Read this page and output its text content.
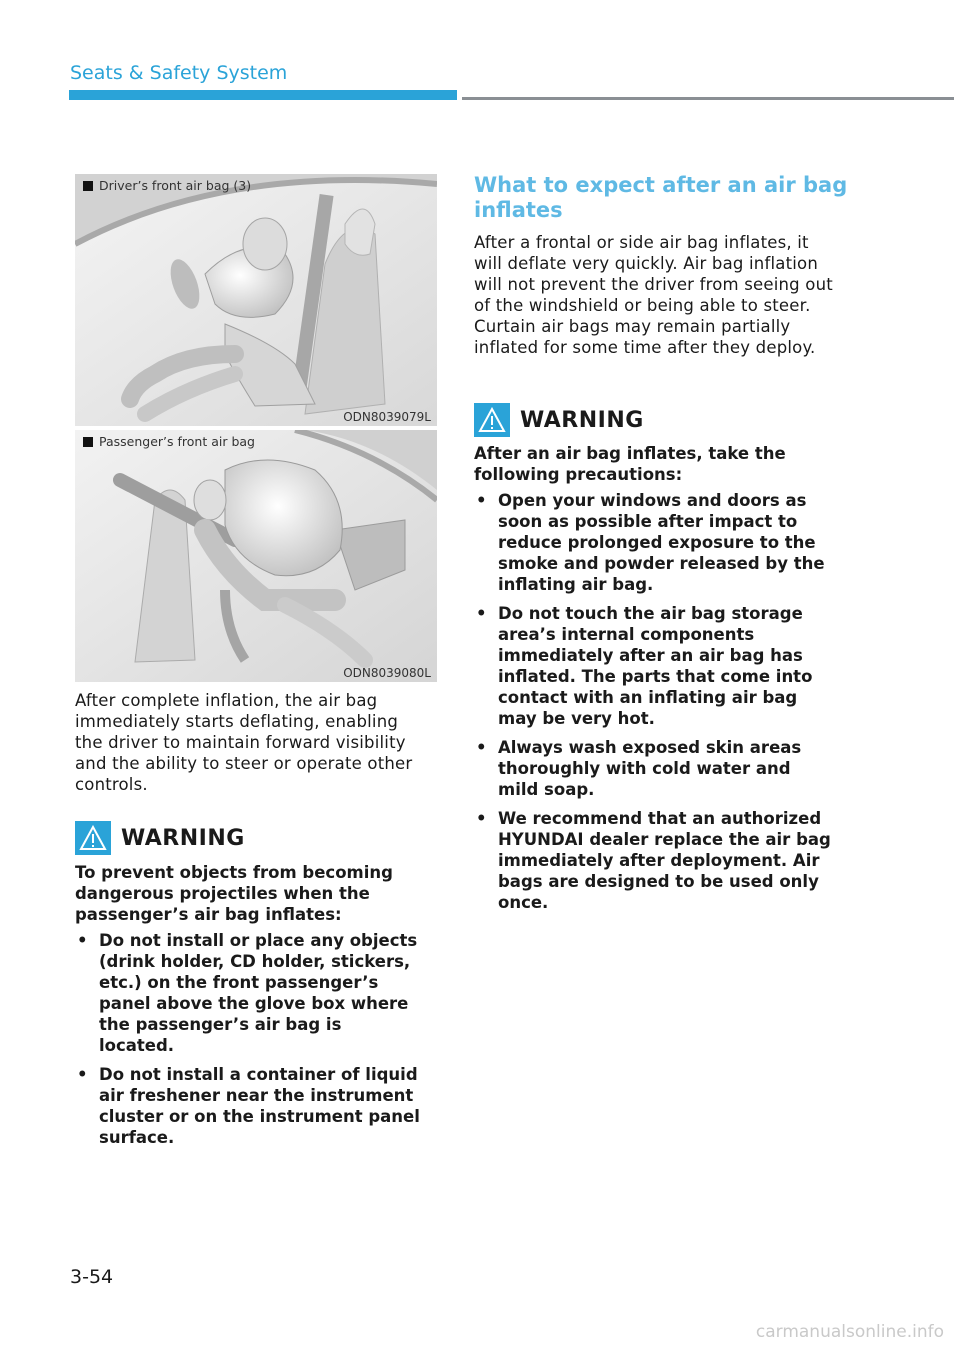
Seats & Safety System
Driver’s front air bag (3)
ODN8039079L
Passenger’s front air bag
ODN8039080L
After complete inflation, the air bag immediately starts deflating, enabling the driver to maintain forward visibility and the ability to steer or operate other controls.
WARNING
To prevent objects from becoming dangerous projectiles when the passenger’s air bag inflates:
• Do not install or place any objects (drink holder, CD holder, stickers, etc.) on the front passenger’s panel above the glove box where the passenger’s air bag is located.
• Do not install a container of liquid air freshener near the instrument cluster or on the instrument panel surface.
What to expect after an air bag inflates
After a frontal or side air bag inflates, it will deflate very quickly. Air bag inflation will not prevent the driver from seeing out of the windshield or being able to steer. Curtain air bags may remain partially inflated for some time after they deploy.
WARNING
After an air bag inflates, take the following precautions:
• Open your windows and doors as soon as possible after impact to reduce prolonged exposure to the smoke and powder released by the inflating air bag.
• Do not touch the air bag storage area’s internal components immediately after an air bag has inflated. The parts that come into contact with an inflating air bag may be very hot.
• Always wash exposed skin areas thoroughly with cold water and mild soap.
• We recommend that an authorized HYUNDAI dealer replace the air bag immediately after deployment. Air bags are designed to be used only once.
3-54
carmanualsonline.info
